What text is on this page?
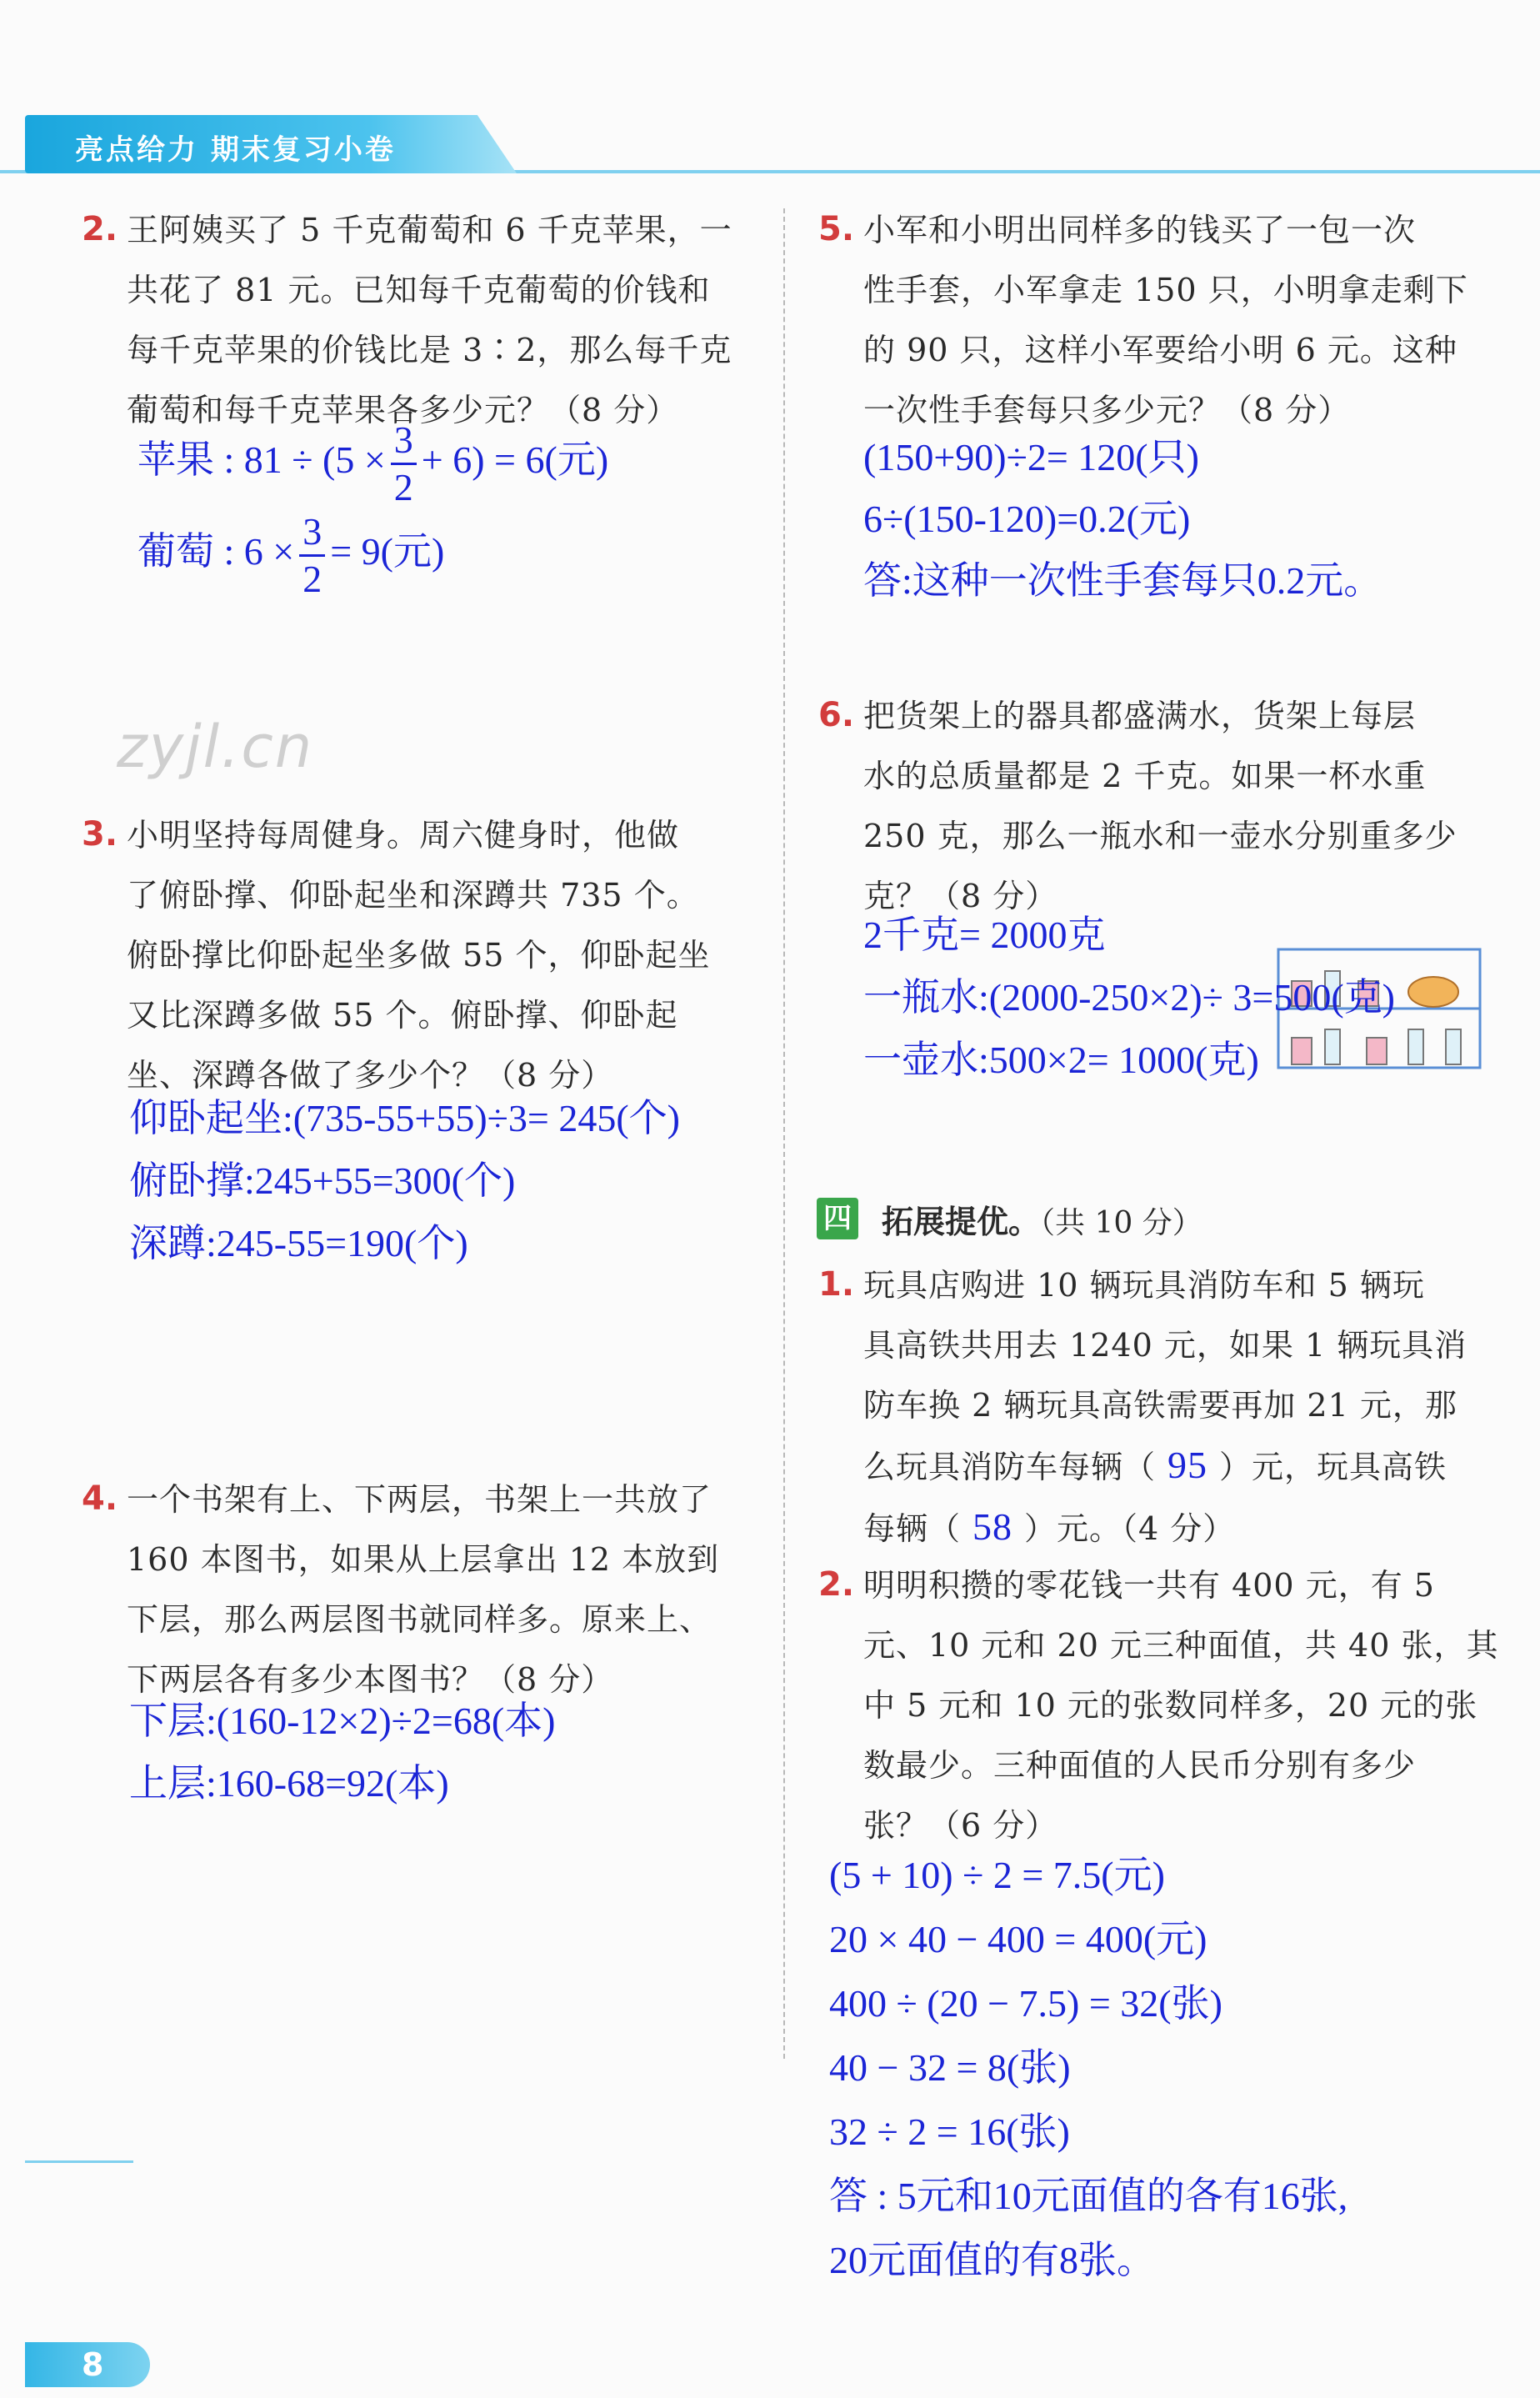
亮点给力 期末复习小卷
2. 王阿姨买了 5 千克葡萄和 6 千克苹果，一
共花了 81 元。已知每千克葡萄的价钱和
每千克苹果的价钱比是 3∶2，那么每千克
葡萄和每千克苹果各多少元？（8 分）
苹果 : $81 \div (5 \times \frac{3}{2} + 6) = 6$(元)
葡萄 : $6 \times \frac{3}{2} = 9$(元)
zyjl.cn
3. 小明坚持每周健身。周六健身时，他做
了俯卧撑、仰卧起坐和深蹲共 735 个。
俯卧撑比仰卧起坐多做 55 个，仰卧起坐
又比深蹲多做 55 个。俯卧撑、仰卧起
坐、深蹲各做了多少个？（8 分）
仰卧起坐:(735-55+55)÷3= 245(个)
俯卧撑:245+55=300(个)
深蹲:245-55=190(个)
4. 一个书架有上、下两层，书架上一共放了
160 本图书，如果从上层拿出 12 本放到
下层，那么两层图书就同样多。原来上、
下两层各有多少本图书？（8 分）
下层:(160-12×2)÷2=68(本)
上层:160-68=92(本)
5. 小军和小明出同样多的钱买了一包一次
性手套，小军拿走 150 只，小明拿走剩下
的 90 只，这样小军要给小明 6 元。这种
一次性手套每只多少元？（8 分）
(150+90)÷2= 120(只)
6÷(150-120)=0.2(元)
答:这种一次性手套每只0.2元。
6. 把货架上的器具都盛满水，货架上每层
水的总质量都是 2 千克。如果一杯水重
250 克，那么一瓶水和一壶水分别重多少
克？（8 分）
2千克= 2000克
一瓶水:(2000-250×2)÷ 3=500(克)
一壶水:500×2= 1000(克)
四 拓展提优。（共 10 分）
1. 玩具店购进 10 辆玩具消防车和 5 辆玩
具高铁共用去 1240 元，如果 1 辆玩具消
防车换 2 辆玩具高铁需要再加 21 元，那
么玩具消防车每辆（ 95 ）元，玩具高铁
每辆（ 58 ）元。（4 分）
2. 明明积攒的零花钱一共有 400 元，有 5
元、10 元和 20 元三种面值，共 40 张，其
中 5 元和 10 元的张数同样多，20 元的张
数最少。三种面值的人民币分别有多少
张？（6 分）
(5 + 10) ÷ 2 = 7.5(元)
20 × 40 − 400 = 400(元)
400 ÷ (20 − 7.5) = 32(张)
40 − 32 = 8(张)
32 ÷ 2 = 16(张)
答 : 5元和10元面值的各有16张,
20元面值的有8张。
8
